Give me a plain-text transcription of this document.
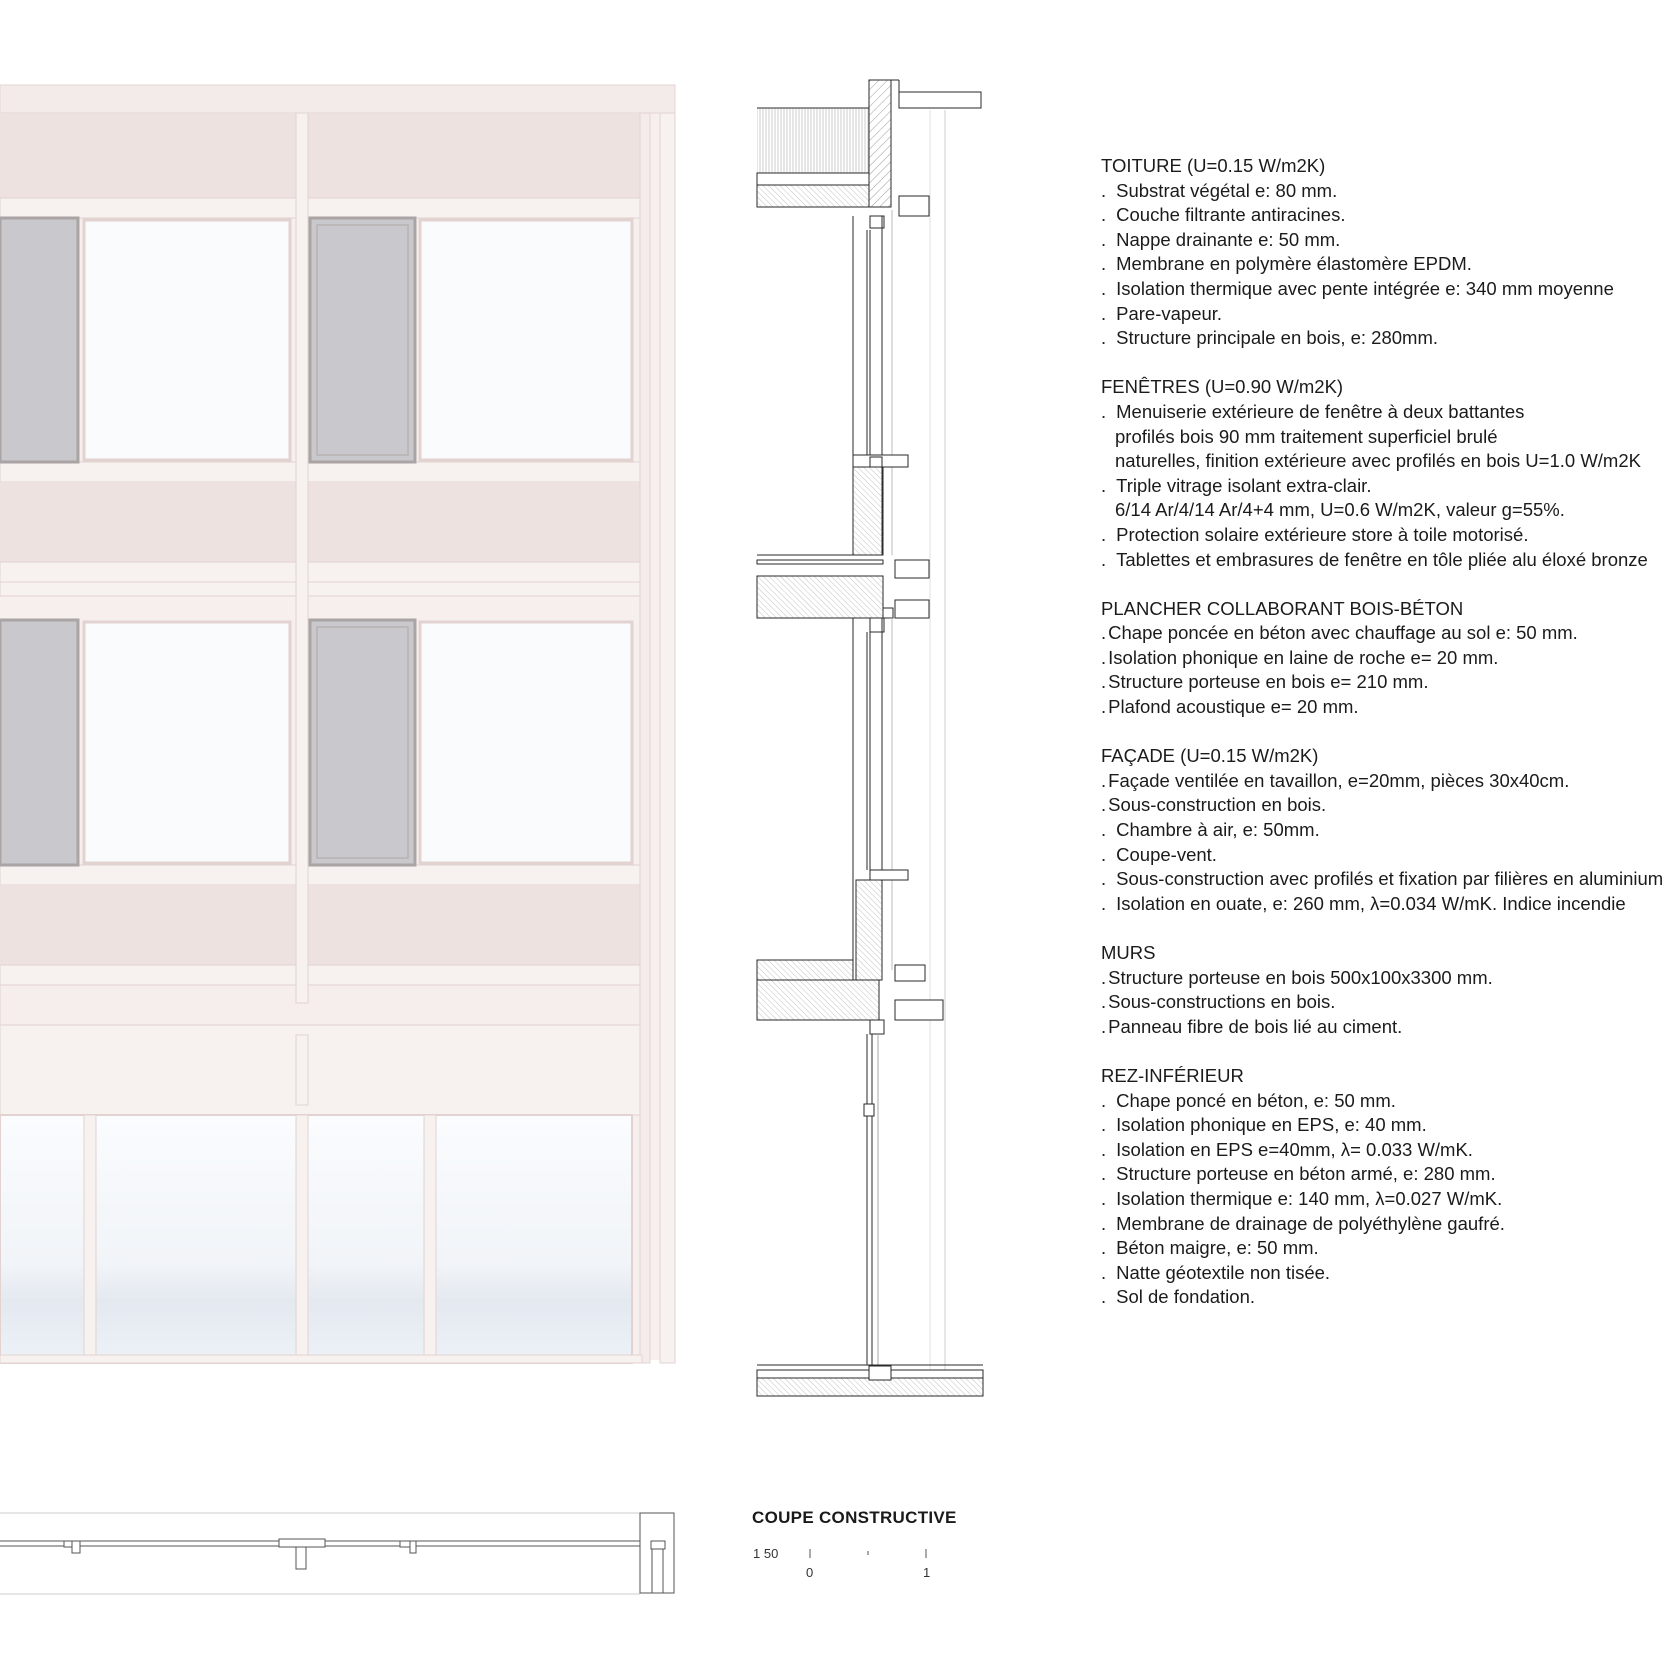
TOITURE (U=0.15 W/m2K)
. Substrat végétal e: 80 mm.
. Couche filtrante antiracines.
. Nappe drainante e: 50 mm.
. Membrane en polymère élastomère EPDM.
. Isolation thermique avec pente intégrée e: 340 mm moyenne
. Pare-vapeur.
. Structure principale en bois, e: 280mm.
FENÊTRES (U=0.90 W/m2K)
. Menuiserie extérieure de fenêtre à deux battantes
profilés bois 90 mm traitement superficiel brulé
naturelles, finition extérieure avec profilés en bois U=1.0 W/m2K
. Triple vitrage isolant extra-clair.
6/14 Ar/4/14 Ar/4+4 mm, U=0.6 W/m2K, valeur g=55%.
. Protection solaire extérieure store à toile motorisé.
. Tablettes et embrasures de fenêtre en tôle pliée alu éloxé bronze
PLANCHER COLLABORANT BOIS-BÉTON
. Chape poncée en béton avec chauffage au sol e: 50 mm.
. Isolation phonique en laine de roche e= 20 mm.
. Structure porteuse en bois e= 210 mm.
. Plafond acoustique e= 20 mm.
FAÇADE (U=0.15 W/m2K)
. Façade ventilée en tavaillon, e=20mm, pièces 30x40cm.
. Sous-construction en bois.
. Chambre à air, e: 50mm.
. Coupe-vent.
. Sous-construction avec profilés et fixation par filières en aluminium
. Isolation en ouate, e: 260 mm, λ=0.034 W/mK. Indice incendie
MURS
. Structure porteuse en bois 500x100x3300 mm.
. Sous-constructions en bois.
. Panneau fibre de bois lié au ciment.
REZ-INFÉRIEUR
. Chape poncé en béton, e: 50 mm.
. Isolation phonique en EPS, e: 40 mm.
. Isolation en EPS e=40mm, λ= 0.033 W/mK.
. Structure porteuse en béton armé, e: 280 mm.
. Isolation thermique e: 140 mm, λ=0.027 W/mK.
. Membrane de drainage de polyéthylène gaufré.
. Béton maigre, e: 50 mm.
. Natte géotextile non tisée.
. Sol de fondation.
COUPE CONSTRUCTIVE
1 50
0	1
